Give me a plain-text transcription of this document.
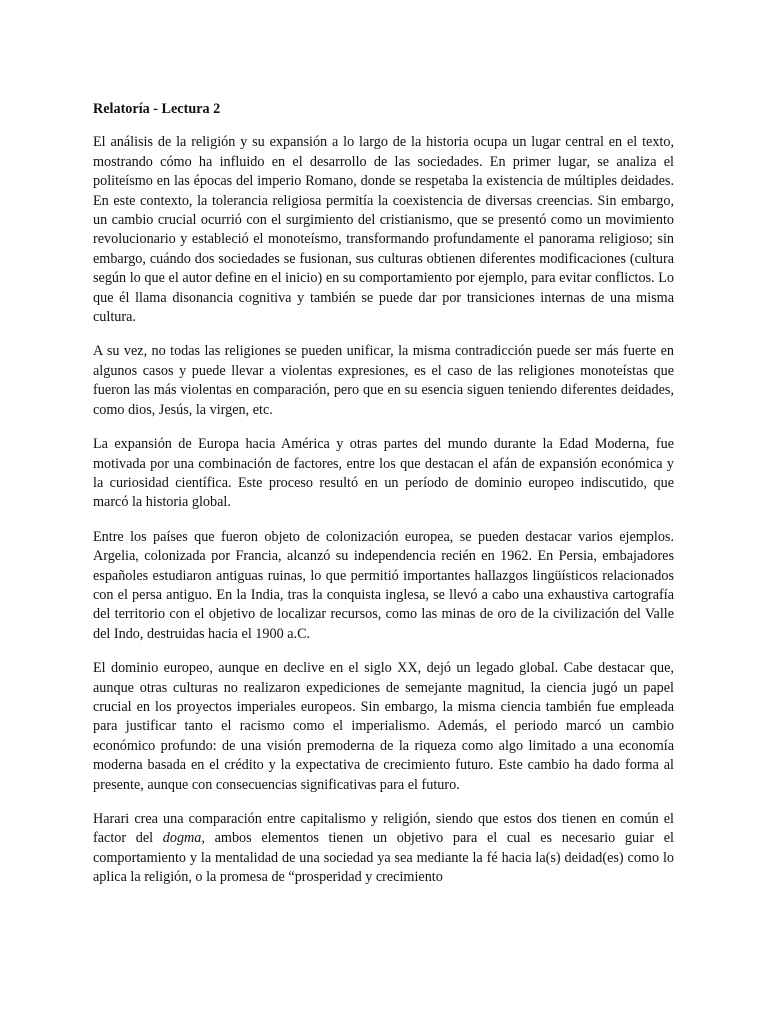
Relatoría - Lectura 2

El análisis de la religión y su expansión a lo largo de la historia ocupa un lugar central en el texto, mostrando cómo ha influido en el desarrollo de las sociedades. En primer lugar, se analiza el politeísmo en las épocas del imperio Romano, donde se respetaba la existencia de múltiples deidades. En este contexto, la tolerancia religiosa permitía la coexistencia de diversas creencias. Sin embargo, un cambio crucial ocurrió con el surgimiento del cristianismo, que se presentó como un movimiento revolucionario y estableció el monoteísmo, transformando profundamente el panorama religioso; sin embargo, cuándo dos sociedades se fusionan, sus culturas obtienen diferentes modificaciones (cultura según lo que el autor define en el inicio) en su comportamiento por ejemplo, para evitar conflictos. Lo que él llama disonancia cognitiva y también se puede dar por transiciones internas de una misma cultura.

A su vez, no todas las religiones se pueden unificar, la misma contradicción puede ser más fuerte en algunos casos y puede llevar a violentas expresiones, es el caso de las religiones monoteístas que fueron las más violentas en comparación, pero que en su esencia siguen teniendo diferentes deidades, como dios, Jesús, la virgen, etc.

La expansión de Europa hacia América y otras partes del mundo durante la Edad Moderna, fue motivada por una combinación de factores, entre los que destacan el afán de expansión económica y la curiosidad científica. Este proceso resultó en un período de dominio europeo indiscutido, que marcó la historia global.

Entre los países que fueron objeto de colonización europea, se pueden destacar varios ejemplos. Argelia, colonizada por Francia, alcanzó su independencia recién en 1962. En Persia, embajadores españoles estudiaron antiguas ruinas, lo que permitió importantes hallazgos lingüísticos relacionados con el persa antiguo. En la India, tras la conquista inglesa, se llevó a cabo una exhaustiva cartografía del territorio con el objetivo de localizar recursos, como las minas de oro de la civilización del Valle del Indo, destruidas hacia el 1900 a.C.

El dominio europeo, aunque en declive en el siglo XX, dejó un legado global. Cabe destacar que, aunque otras culturas no realizaron expediciones de semejante magnitud, la ciencia jugó un papel crucial en los proyectos imperiales europeos. Sin embargo, la misma ciencia también fue empleada para justificar tanto el racismo como el imperialismo. Además, el periodo marcó un cambio económico profundo: de una visión premoderna de la riqueza como algo limitado a una economía moderna basada en el crédito y la expectativa de crecimiento futuro. Este cambio ha dado forma al presente, aunque con consecuencias significativas para el futuro.

Harari crea una comparación entre capitalismo y religión, siendo que estos dos tienen en común el factor del dogma, ambos elementos tienen un objetivo para el cual es necesario guiar el comportamiento y la mentalidad de una sociedad ya sea mediante la fé hacia la(s) deidad(es) como lo aplica la religión, o la promesa de “prosperidad y crecimiento
